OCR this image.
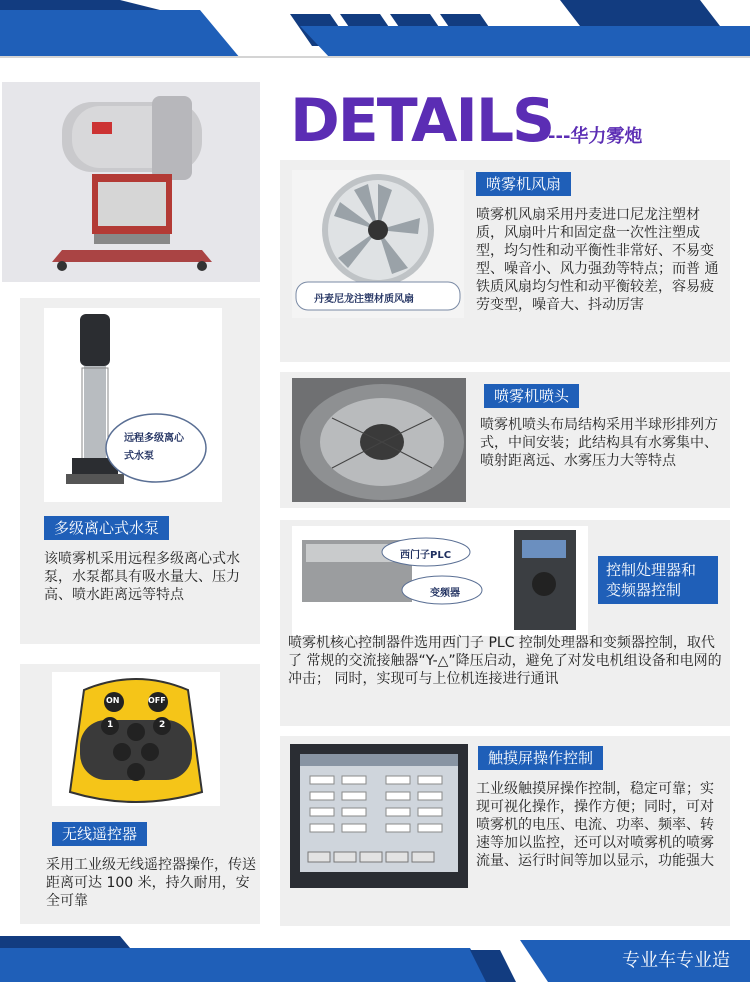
DETAILS
---华力雾炮
丹麦尼龙注塑材质风扇
喷雾机风扇
喷雾机风扇采用丹麦进口尼龙注塑材质，风扇叶片和固定盘一次性注塑成 型，均匀性和动平衡性非常好、不易变型、噪音小、风力强劲等特点；而普 通铁质风扇均匀性和动平衡较差，容易疲劳变型，噪音大、抖动厉害
喷雾机喷头
喷雾机喷头布局结构采用半球形排列方式，中间安装；此结构具有水雾集中、 喷射距离远、水雾压力大等特点
西门子PLC
变频器
控制处理器和变频器控制
喷雾机核心控制器件选用西门子 PLC 控制处理器和变频器控制，取代了 常规的交流接触器“Y-△”降压启动，避免了对发电机组设备和电网的冲击； 同时，实现可与上位机连接进行通讯
触摸屏操作控制
工业级触摸屏操作控制，稳定可靠；实现可视化操作，操作方便；同时，可对喷雾机的电压、电流、功率、频率、转速等加以监控，还可以对喷雾机的喷雾流量、运行时间等加以显示，功能强大
远程多级离心式水泵
多级离心式水泵
该喷雾机采用远程多级离心式水泵，水泵都具有吸水量大、压力高、喷水距离远等特点
ON	OFF
1	2
无线遥控器
采用工业级无线遥控器操作，传送距离可达 100 米，持久耐用，安全可靠
专业车专业造
